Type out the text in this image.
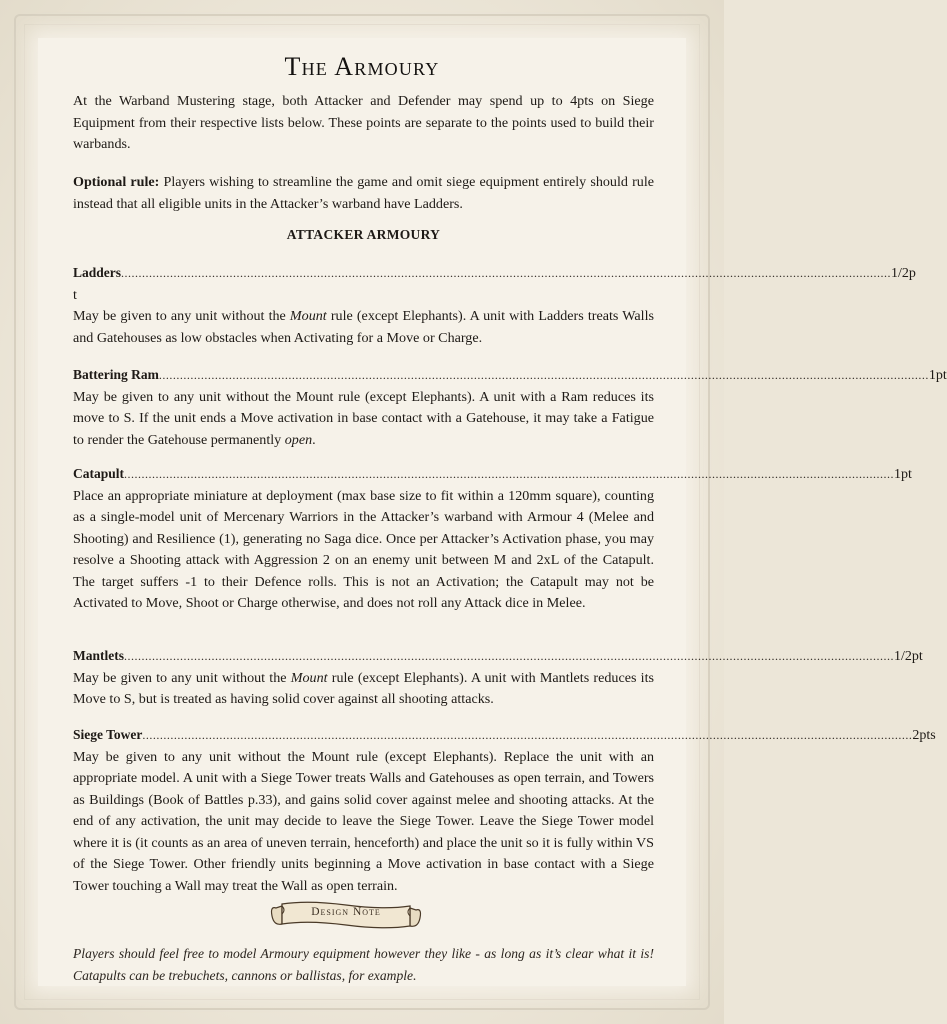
The Armoury

At the Warband Mustering stage, both Attacker and Defender may spend up to 4pts on Siege Equipment from their respective lists below. These points are separate to the points used to build their warbands.

Optional rule: Players wishing to streamline the game and omit siege equipment entirely should rule instead that all eligible units in the Attacker’s warband have Ladders.

ATTACKER ARMOURY
Ladders ............................................................................................................................................................................................................................ 1/2p
t

May be given to any unit without the Mount rule (except Elephants). A unit with Ladders treats Walls and Gatehouses as low obstacles when Activating for a Move or Charge.

Battering Ram ............................................................................................................................................................................................................................ 1pt

May be given to any unit without the Mount rule (except Elephants). A unit with a Ram reduces its move to S. If the unit ends a Move activation in base contact with a Gatehouse, it may take a Fatigue to render the Gatehouse permanently open.

Catapult ............................................................................................................................................................................................................................ 1pt

Place an appropriate miniature at deployment (max base size to fit within a 120mm square), counting as a single-model unit of Mercenary Warriors in the Attacker’s warband with Armour 4 (Melee and Shooting) and Resilience (1), generating no Saga dice. Once per Attacker’s Activation phase, you may resolve a Shooting attack with Aggression 2 on an enemy unit between M and 2xL of the Catapult. The target suffers -1 to their Defence rolls. This is not an Activation; the Catapult may not be Activated to Move, Shoot or Charge otherwise, and does not roll any Attack dice in Melee.

Mantlets ............................................................................................................................................................................................................................ 1/2pt

May be given to any unit without the Mount rule (except Elephants). A unit with Mantlets reduces its Move to S, but is treated as having solid cover against all shooting attacks.

Siege Tower ............................................................................................................................................................................................................................ 2pts

May be given to any unit without the Mount rule (except Elephants). Replace the unit with an appropriate model. A unit with a Siege Tower treats Walls and Gatehouses as open terrain, and Towers as Buildings (Book of Battles p.33), and gains solid cover against melee and shooting attacks. At the end of any activation, the unit may decide to leave the Siege Tower. Leave the Siege Tower model where it is (it counts as an area of uneven terrain, henceforth) and place the unit so it is fully within VS of the Siege Tower. Other friendly units beginning a Move activation in base contact with a Siege Tower touching a Wall may treat the Wall as open terrain.

Design Note

Players should feel free to model Armoury equipment however they like - as long as it’s clear what it is! Catapults can be trebuchets, cannons or ballistas, for example.
